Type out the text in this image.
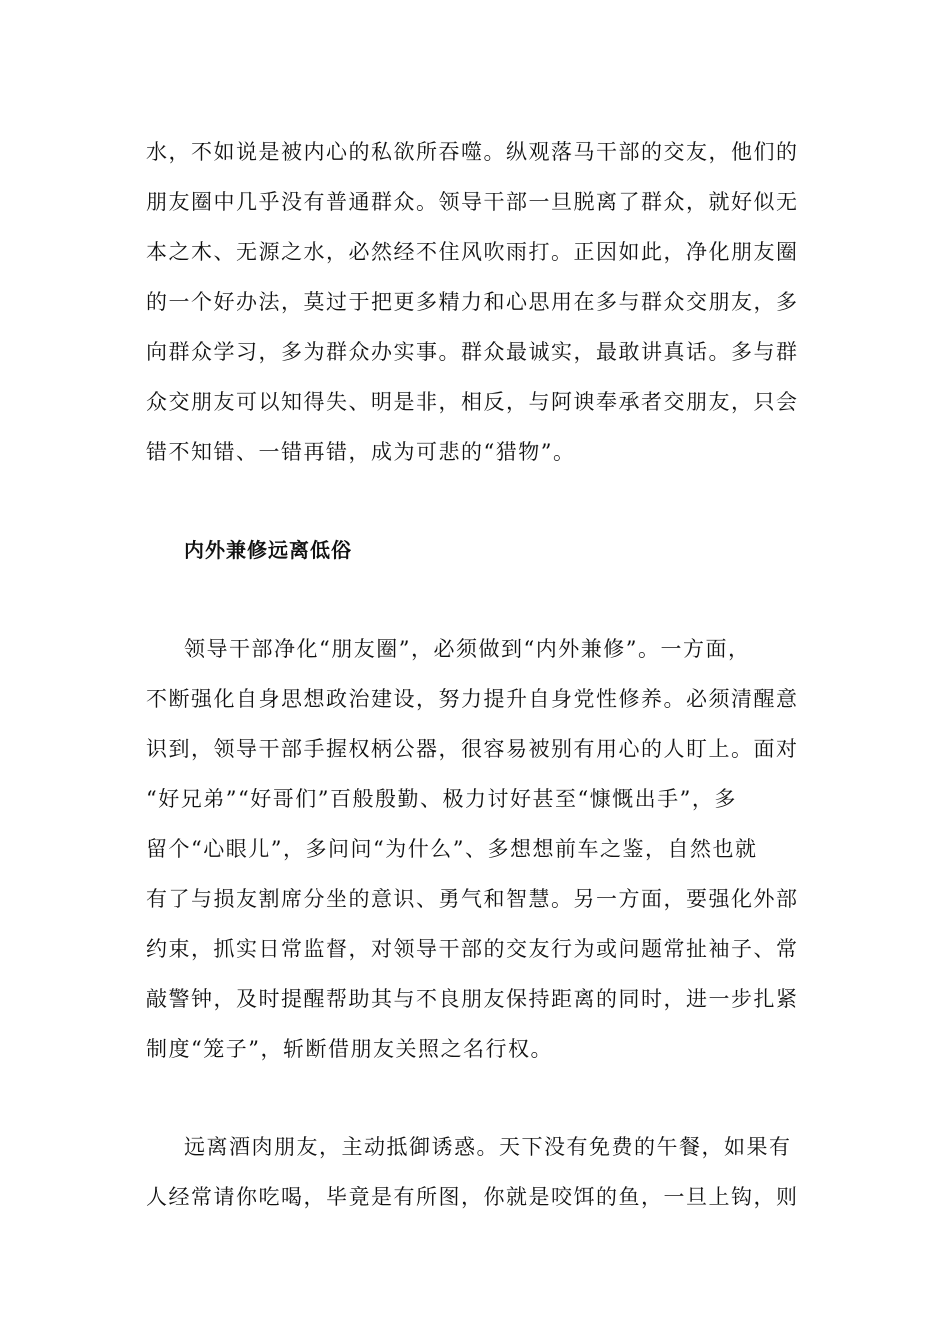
水，不如说是被内心的私欲所吞噬。纵观落马干部的交友，他们的
朋友圈中几乎没有普通群众。领导干部一旦脱离了群众，就好似无
本之木、无源之水，必然经不住风吹雨打。正因如此，净化朋友圈
的一个好办法，莫过于把更多精力和心思用在多与群众交朋友，多
向群众学习，多为群众办实事。群众最诚实，最敢讲真话。多与群
众交朋友可以知得失、明是非，相反，与阿谀奉承者交朋友，只会
错不知错、一错再错，成为可悲的“猎物”。
内外兼修远离低俗
领导干部净化“朋友圈”，必须做到“内外兼修”。一方面，
不断强化自身思想政治建设，努力提升自身党性修养。必须清醒意
识到，领导干部手握权柄公器，很容易被别有用心的人盯上。面对
“好兄弟”“好哥们”百般殷勤、极力讨好甚至“慷慨出手”，多
留个“心眼儿”，多问问“为什么”、多想想前车之鉴，自然也就
有了与损友割席分坐的意识、勇气和智慧。另一方面，要强化外部
约束，抓实日常监督，对领导干部的交友行为或问题常扯袖子、常
敲警钟，及时提醒帮助其与不良朋友保持距离的同时，进一步扎紧
制度“笼子”，斩断借朋友关照之名行权。
远离酒肉朋友，主动抵御诱惑。天下没有免费的午餐，如果有
人经常请你吃喝，毕竟是有所图，你就是咬饵的鱼，一旦上钩，则
